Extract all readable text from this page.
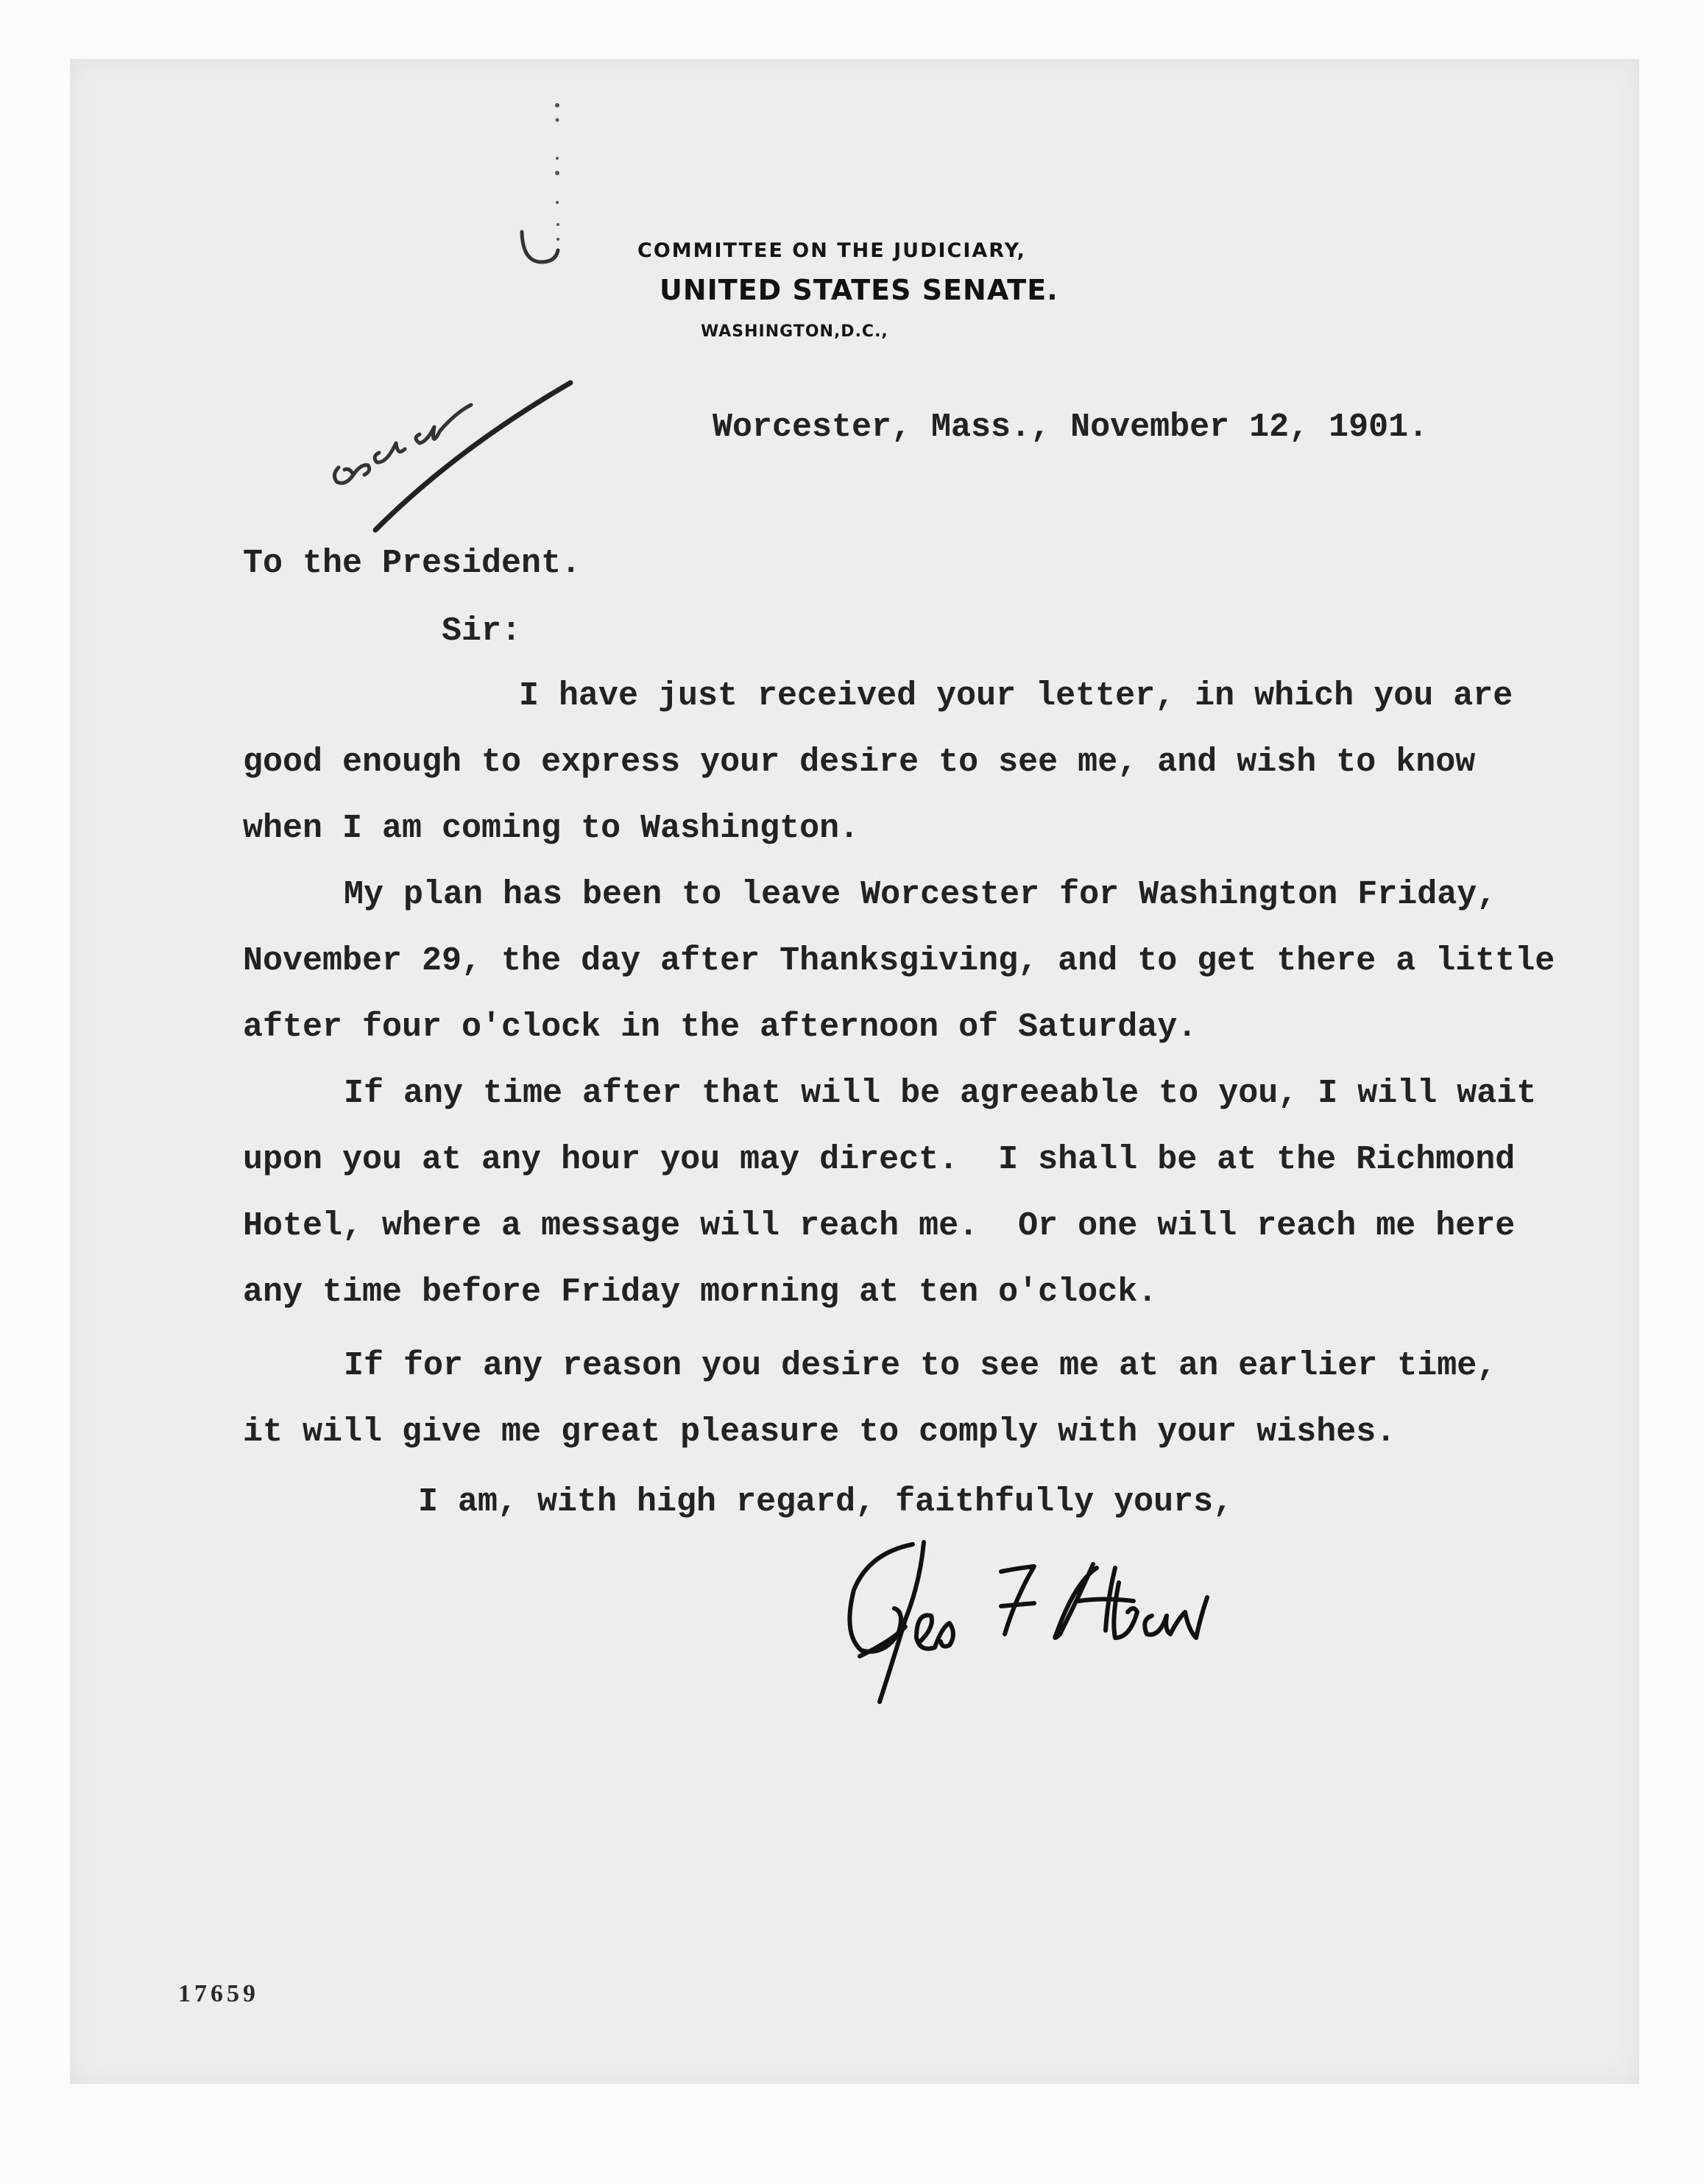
COMMITTEE ON THE JUDICIARY,
UNITED STATES SENATE.
WASHINGTON,D.C.,
Worcester, Mass., November 12, 1901.
To the President.
Sir:
I have just received your letter, in which you are
good enough to express your desire to see me, and wish to know
when I am coming to Washington.
My plan has been to leave Worcester for Washington Friday,
November 29, the day after Thanksgiving, and to get there a little
after four o'clock in the afternoon of Saturday.
If any time after that will be agreeable to you, I will wait
upon you at any hour you may direct.  I shall be at the Richmond
Hotel, where a message will reach me.  Or one will reach me here
any time before Friday morning at ten o'clock.
If for any reason you desire to see me at an earlier time,
it will give me great pleasure to comply with your wishes.
I am, with high regard, faithfully yours,
17659
